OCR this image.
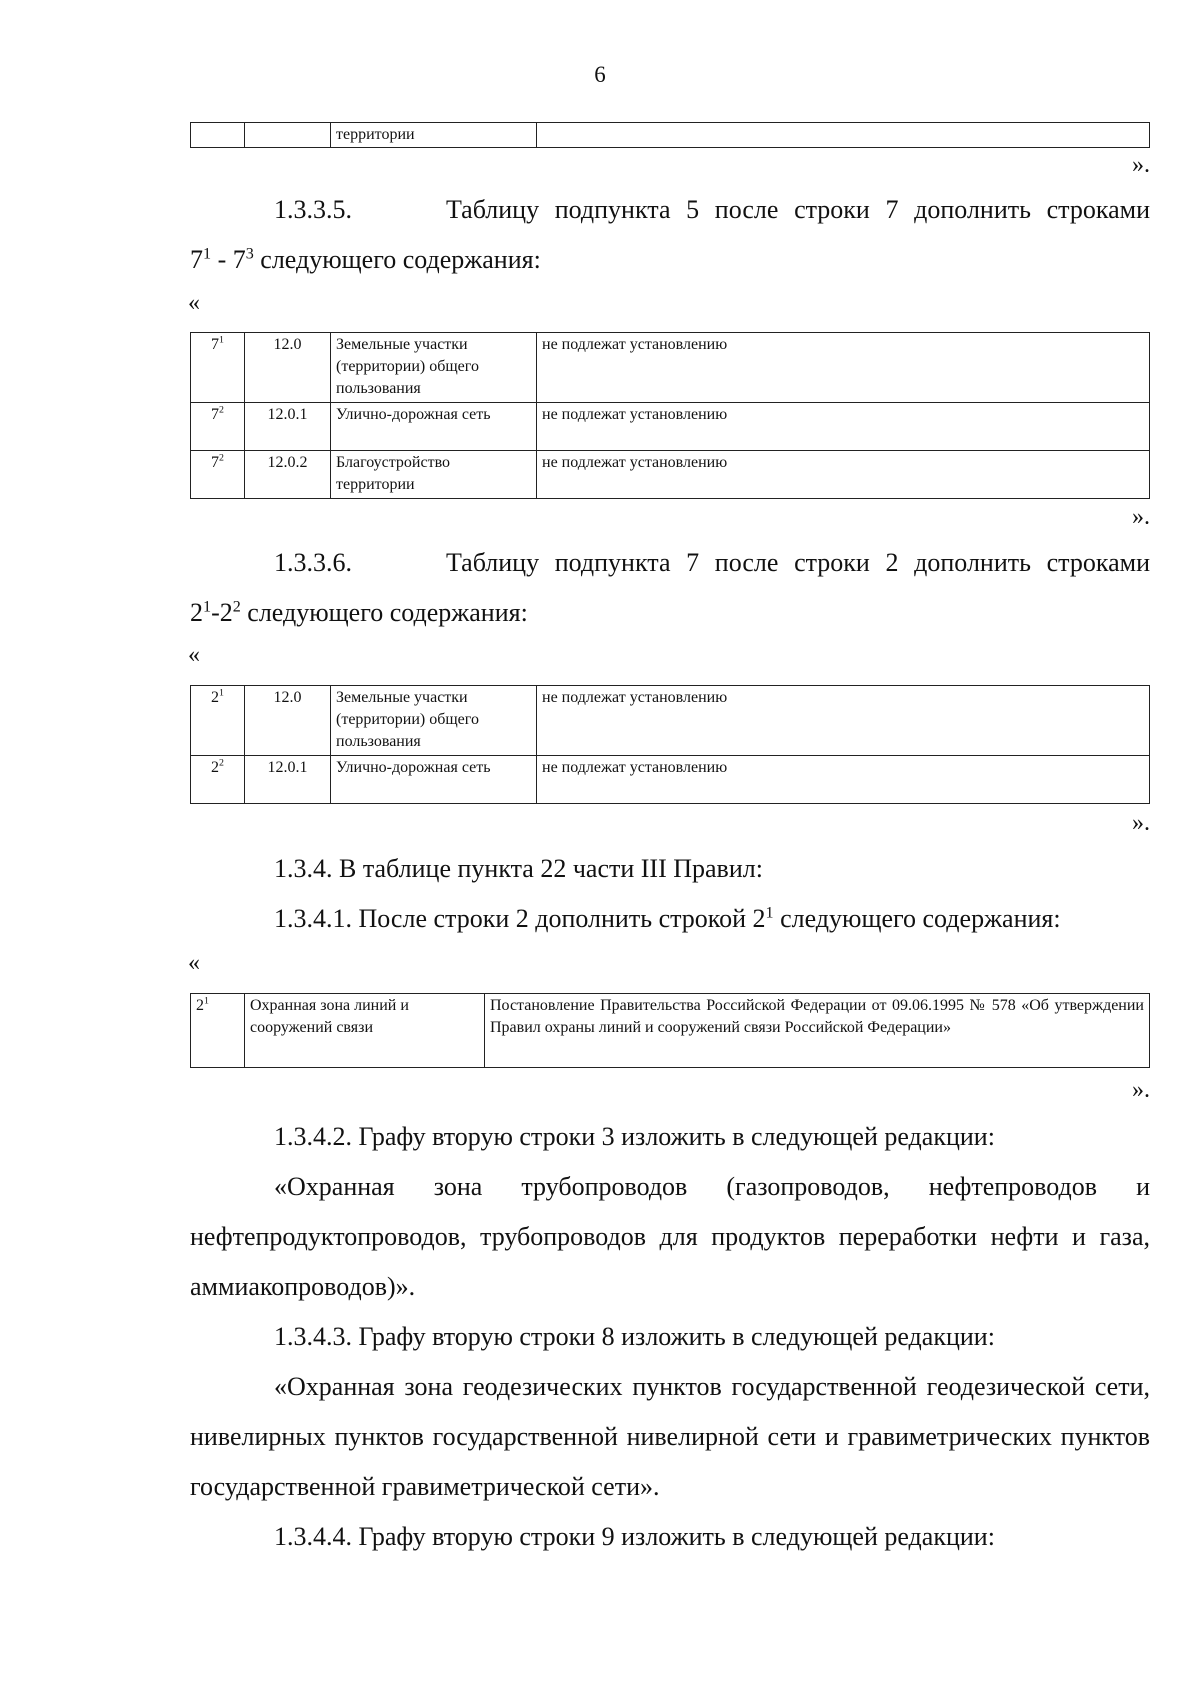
6
		территории	
».

1.3.3.5.	Таблицу подпункта 5 после строки 7 дополнить строками

$7^1 - 7^3$ следующего содержания:

«
$7^1$	12.0	Земельные участки (территории) общего пользования	не подлежат установлению
$7^2$	12.0.1	Улично-дорожная сеть	не подлежат установлению
$7^2$	12.0.2	Благоустройство территории	не подлежат установлению
».

1.3.3.6.	Таблицу подпункта 7 после строки 2 дополнить строками

$2^1-2^2$ следующего содержания:

«
$2^1$	12.0	Земельные участки (территории) общего пользования	не подлежат установлению
$2^2$	12.0.1	Улично-дорожная сеть	не подлежат установлению
».

1.3.4. В таблице пункта 22 части III Правил:

1.3.4.1. После строки 2 дополнить строкой $2^1$ следующего содержания:

«
$2^1$	Охранная зона линий и сооружений связи	Постановление Правительства Российской Федерации от 09.06.1995 № 578 «Об утверждении Правил охраны линий и сооружений связи Российской Федерации»
».

1.3.4.2. Графу вторую строки 3 изложить в следующей редакции:

«Охранная зона трубопроводов (газопроводов, нефтепроводов и нефтепродуктопроводов, трубопроводов для продуктов переработки нефти и газа, аммиакопроводов)».

1.3.4.3. Графу вторую строки 8 изложить в следующей редакции:

«Охранная зона геодезических пунктов государственной геодезической сети, нивелирных пунктов государственной нивелирной сети и гравиметрических пунктов государственной гравиметрической сети».

1.3.4.4. Графу вторую строки 9 изложить в следующей редакции:
